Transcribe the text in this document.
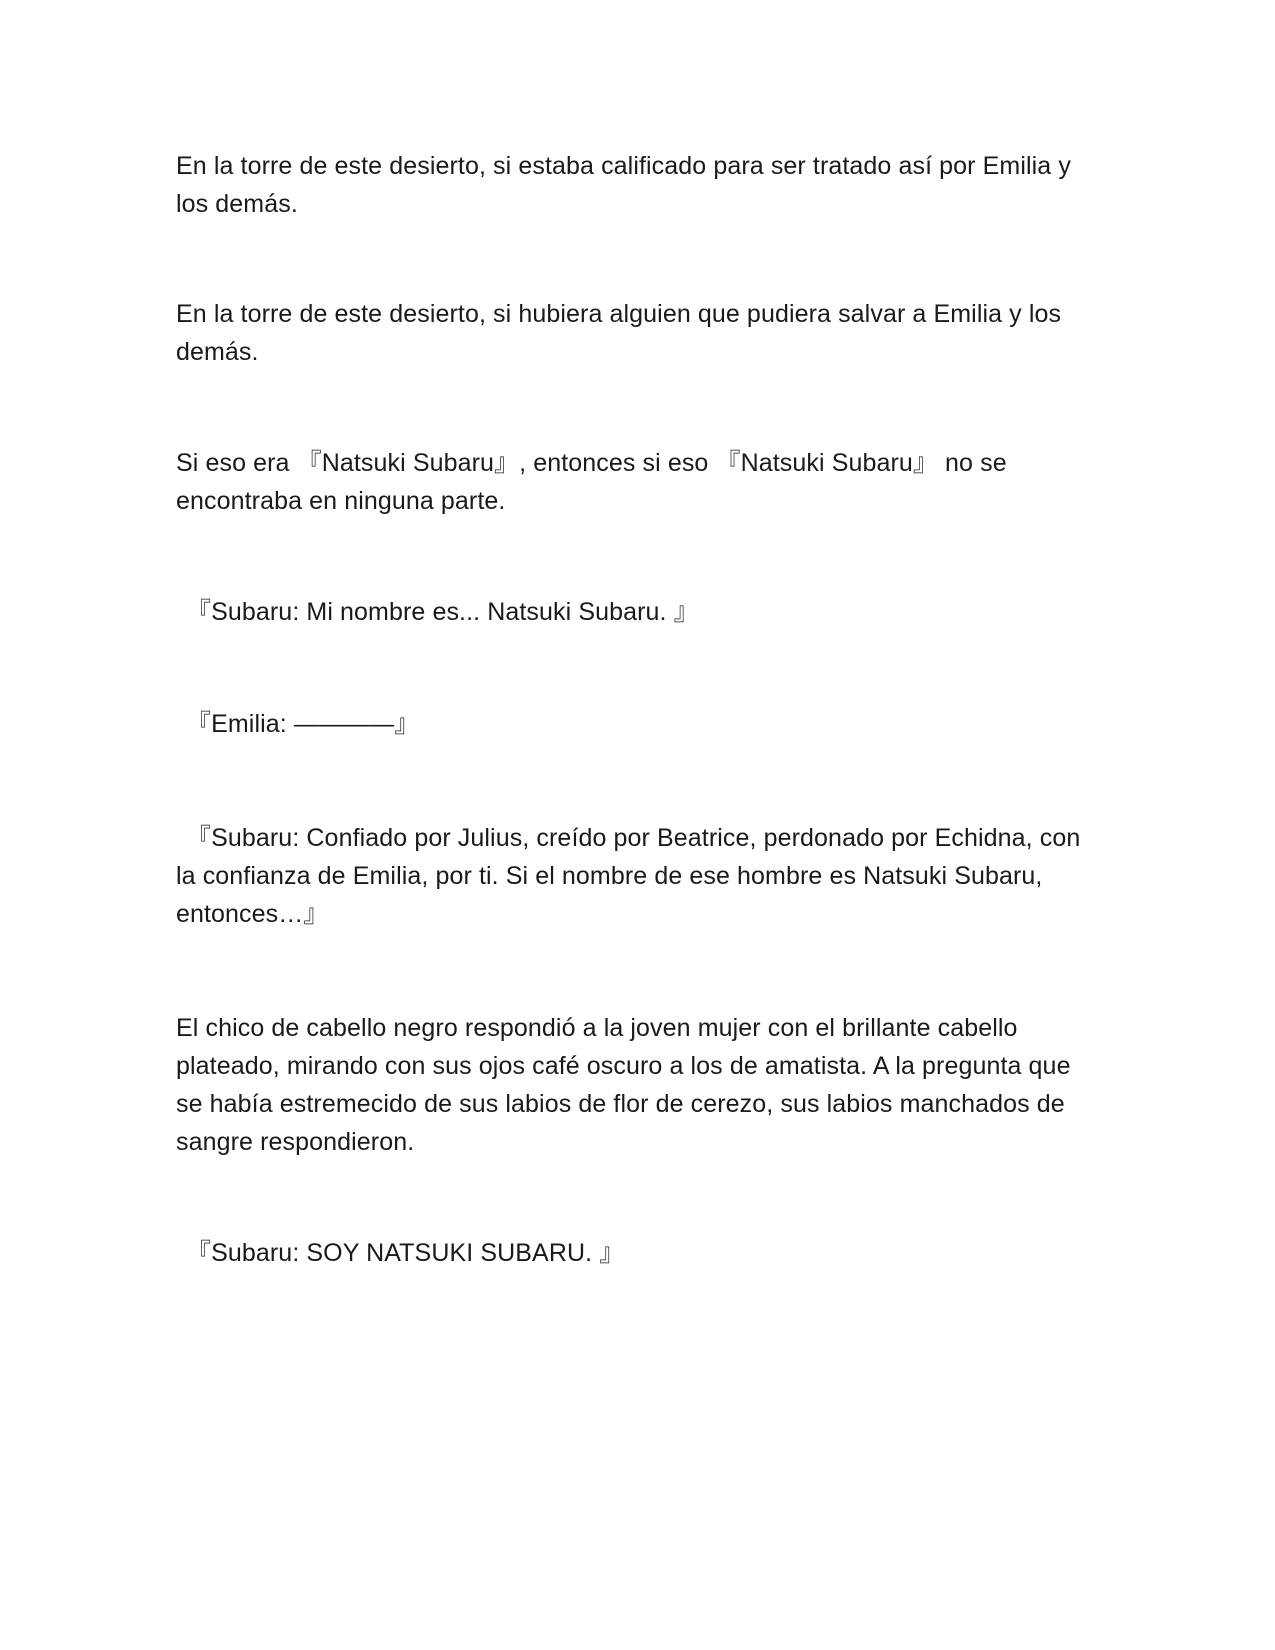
En la torre de este desierto, si estaba calificado para ser tratado así por Emilia y los demás.

En la torre de este desierto, si hubiera alguien que pudiera salvar a Emilia y los demás.

Si eso era 『Natsuki Subaru』, entonces si eso 『Natsuki Subaru』 no se encontraba en ninguna parte.

『Subaru: Mi nombre es... Natsuki Subaru. 』

『Emilia: ————』

『Subaru: Confiado por Julius, creído por Beatrice, perdonado por Echidna, con la confianza de Emilia, por ti. Si el nombre de ese hombre es Natsuki Subaru, entonces…』

El chico de cabello negro respondió a la joven mujer con el brillante cabello plateado, mirando con sus ojos café oscuro a los de amatista. A la pregunta que se había estremecido de sus labios de flor de cerezo, sus labios manchados de sangre respondieron.

『Subaru: SOY NATSUKI SUBARU. 』
